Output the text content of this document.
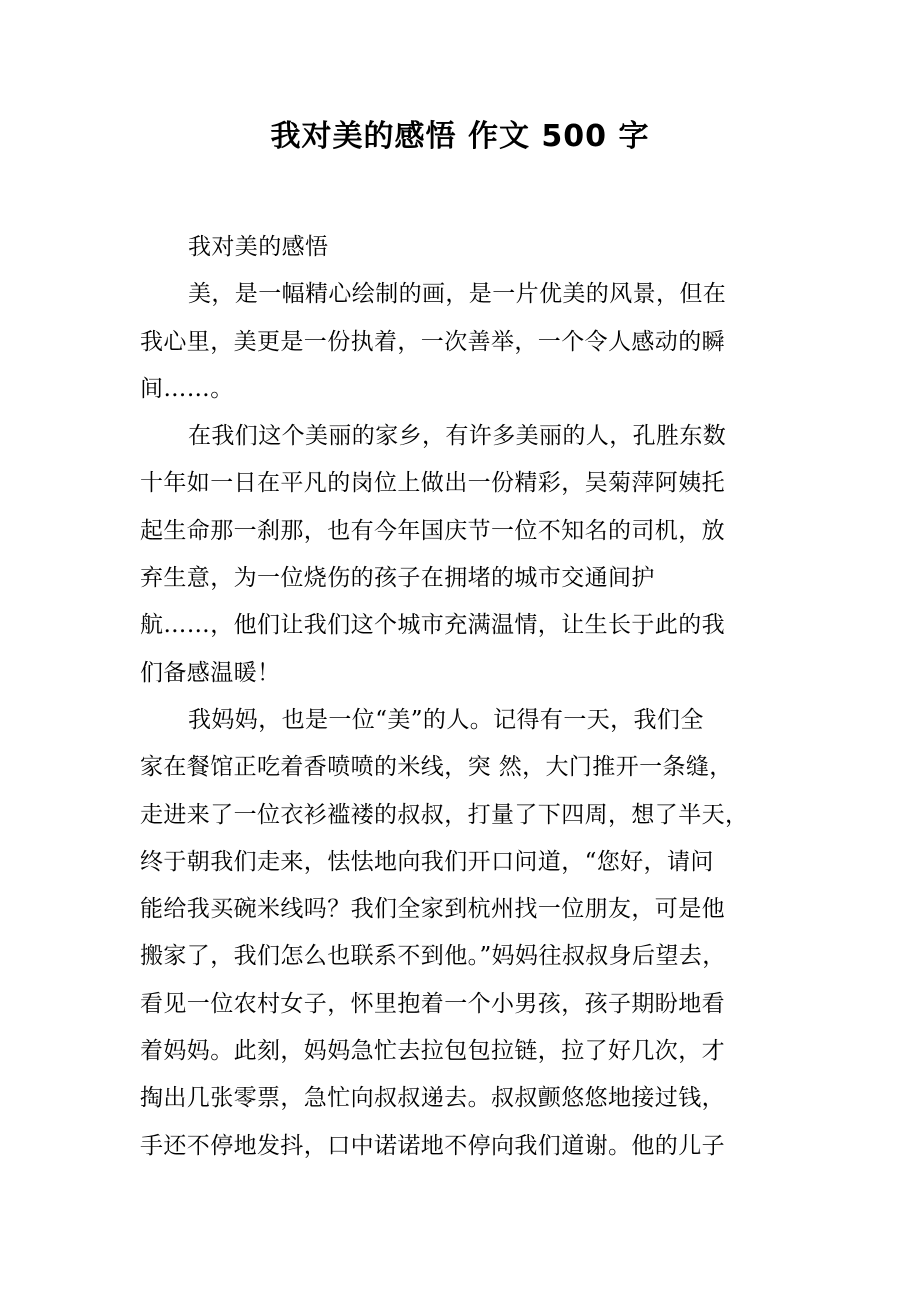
我对美的感悟 作文 500 字
我对美的感悟
美，是一幅精心绘制的画，是一片优美的风景，但在
我心里，美更是一份执着，一次善举，一个令人感动的瞬
间……。
在我们这个美丽的家乡，有许多美丽的人，孔胜东数
十年如一日在平凡的岗位上做出一份精彩，吴菊萍阿姨托
起生命那一刹那，也有今年国庆节一位不知名的司机，放
弃生意，为一位烧伤的孩子在拥堵的城市交通间护
航……，他们让我们这个城市充满温情，让生长于此的我
们备感温暖！
我妈妈，也是一位“美”的人。记得有一天，我们全
家在餐馆正吃着香喷喷的米线，突 然，大门推开一条缝，
走进来了一位衣衫褴褛的叔叔，打量了下四周，想了半天，
终于朝我们走来，怯怯地向我们开口问道，“您好，请问
能给我买碗米线吗？我们全家到杭州找一位朋友，可是他
搬家了，我们怎么也联系不到他。”妈妈往叔叔身后望去，
看见一位农村女子，怀里抱着一个小男孩，孩子期盼地看
着妈妈。此刻，妈妈急忙去拉包包拉链，拉了好几次，才
掏出几张零票，急忙向叔叔递去。叔叔颤悠悠地接过钱，
手还不停地发抖，口中诺诺地不停向我们道谢。他的儿子
